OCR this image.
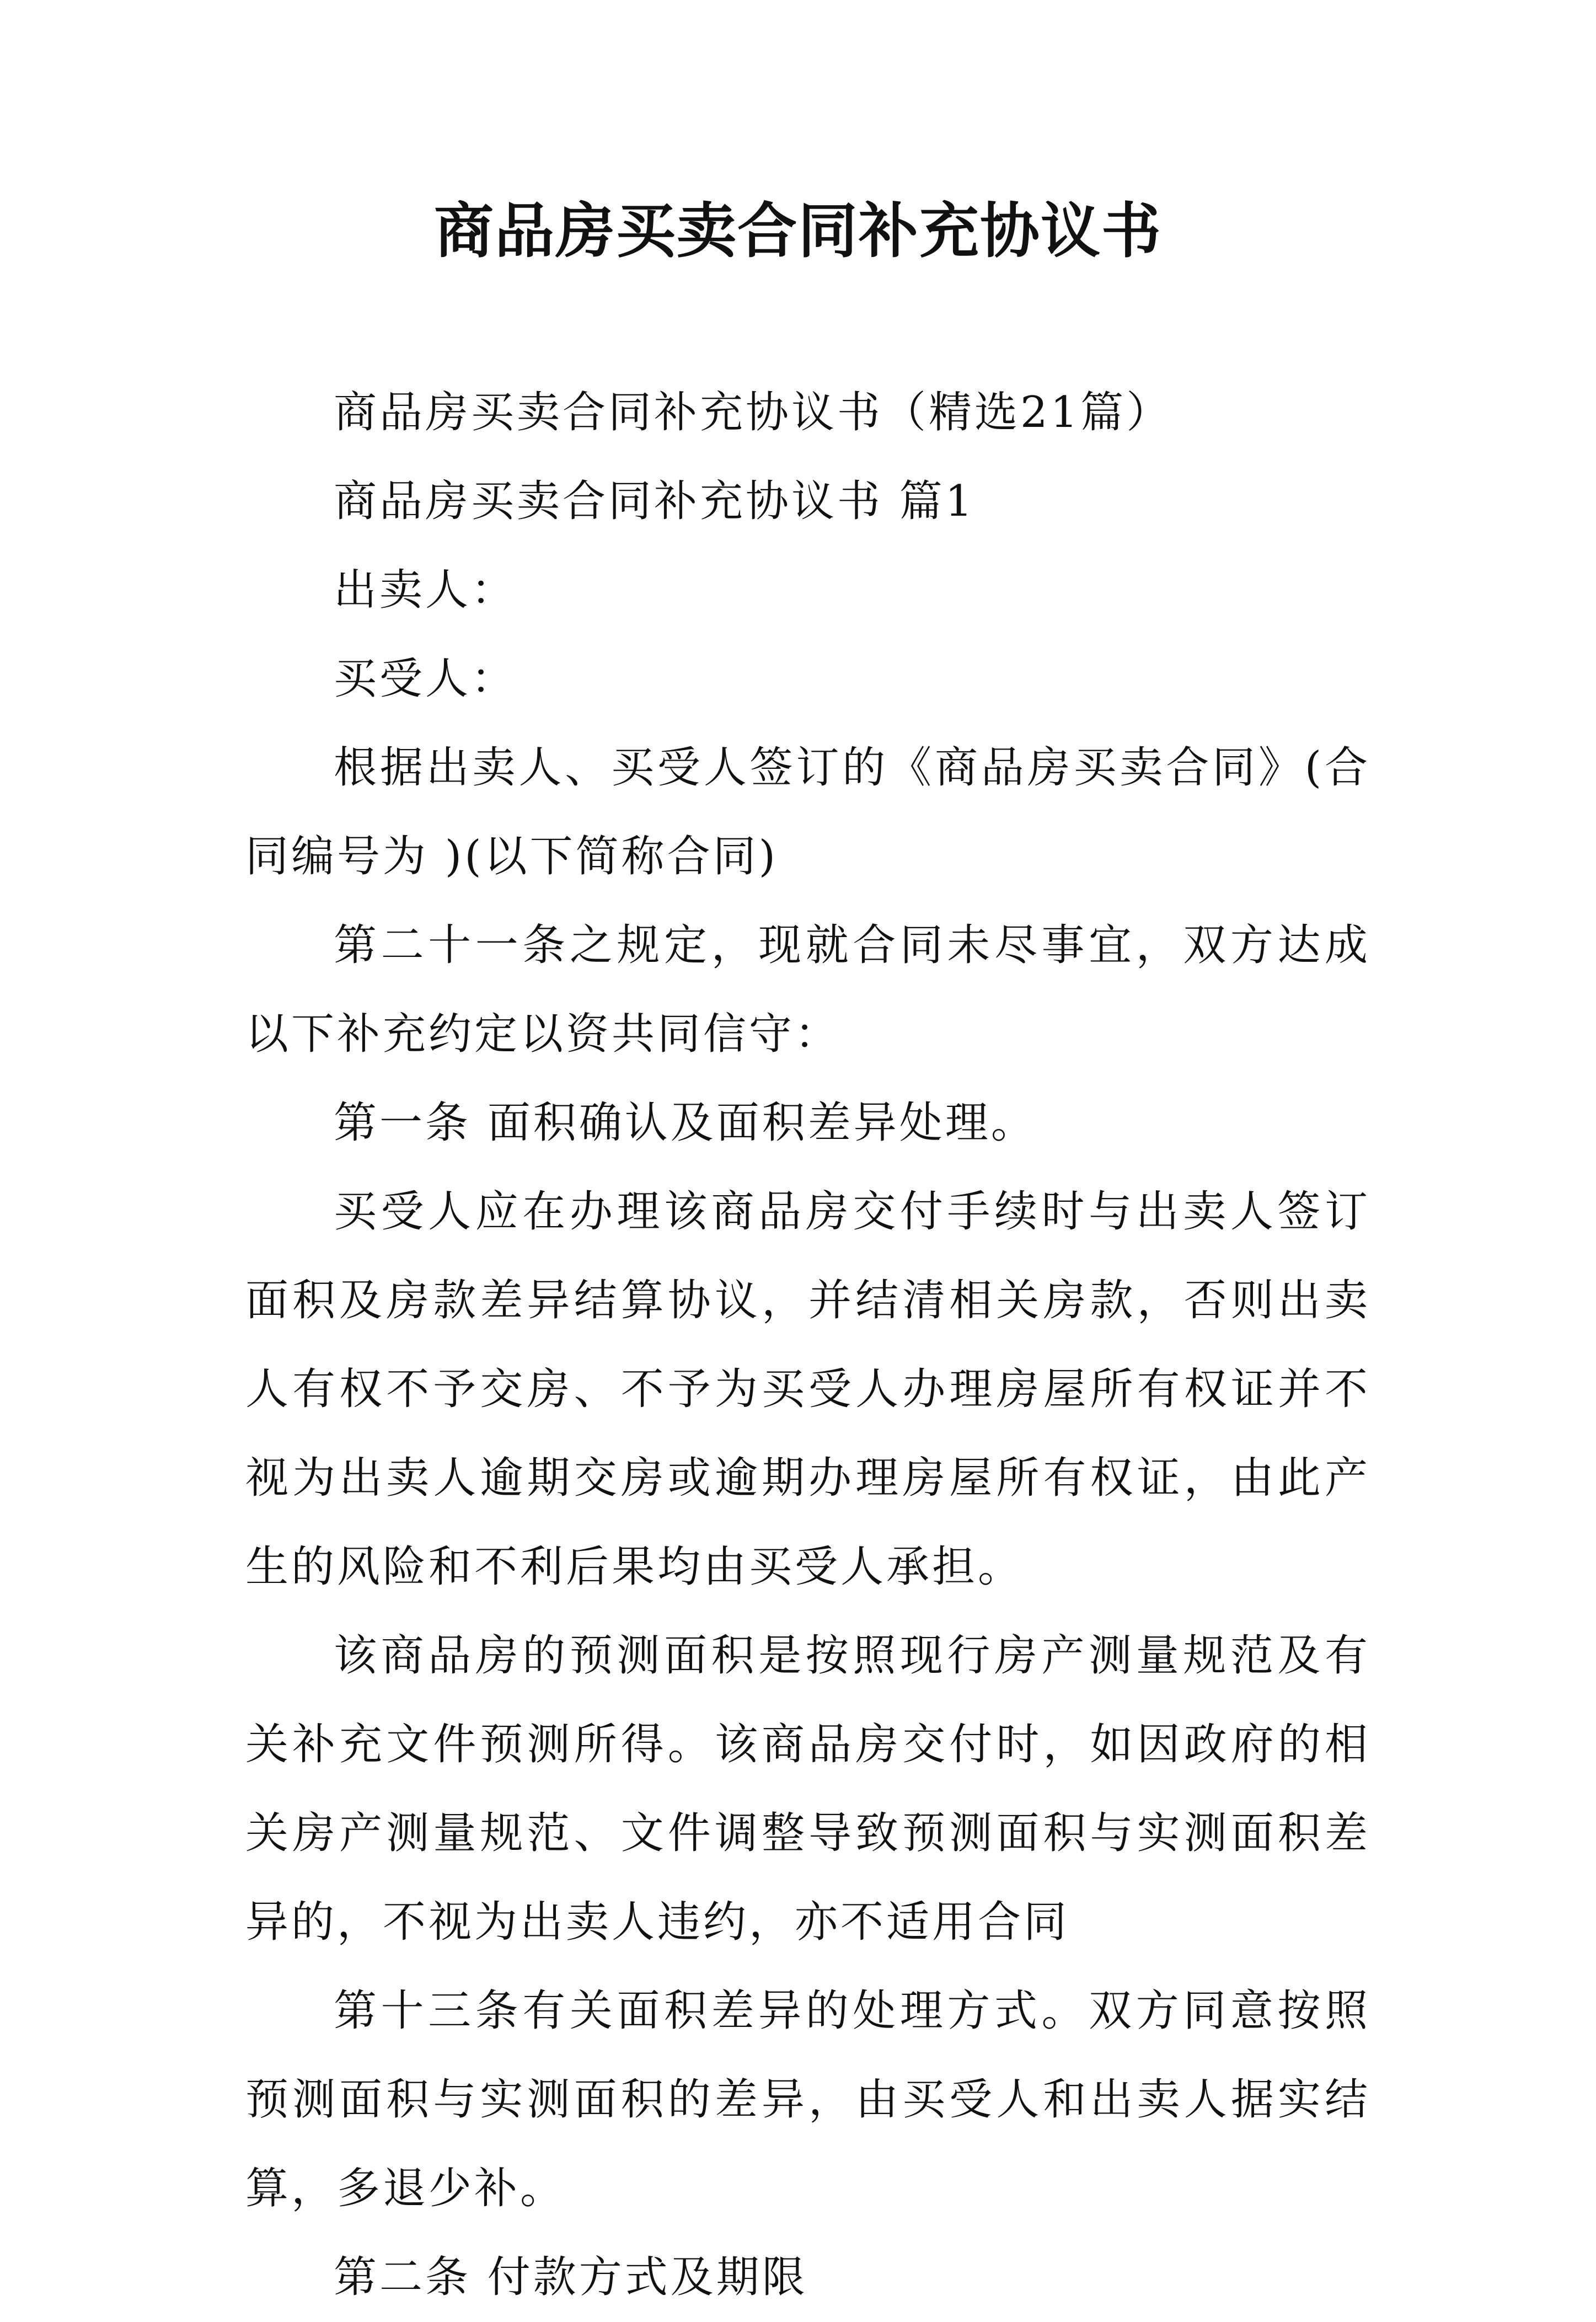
商品房买卖合同补充协议书

商品房买卖合同补充协议书（精选21篇）

商品房买卖合同补充协议书 篇1

出卖人：

买受人：

根据出卖人、买受人签订的《商品房买卖合同》(合同编号为 )(以下简称合同)

第二十一条之规定，现就合同未尽事宜，双方达成以下补充约定以资共同信守：

第一条 面积确认及面积差异处理。

买受人应在办理该商品房交付手续时与出卖人签订面积及房款差异结算协议，并结清相关房款，否则出卖人有权不予交房、不予为买受人办理房屋所有权证并不视为出卖人逾期交房或逾期办理房屋所有权证，由此产生的风险和不利后果均由买受人承担。

该商品房的预测面积是按照现行房产测量规范及有关补充文件预测所得。该商品房交付时，如因政府的相关房产测量规范、文件调整导致预测面积与实测面积差异的，不视为出卖人违约，亦不适用合同

第十三条有关面积差异的处理方式。双方同意按照预测面积与实测面积的差异，由买受人和出卖人据实结算，多退少补。

第二条 付款方式及期限
